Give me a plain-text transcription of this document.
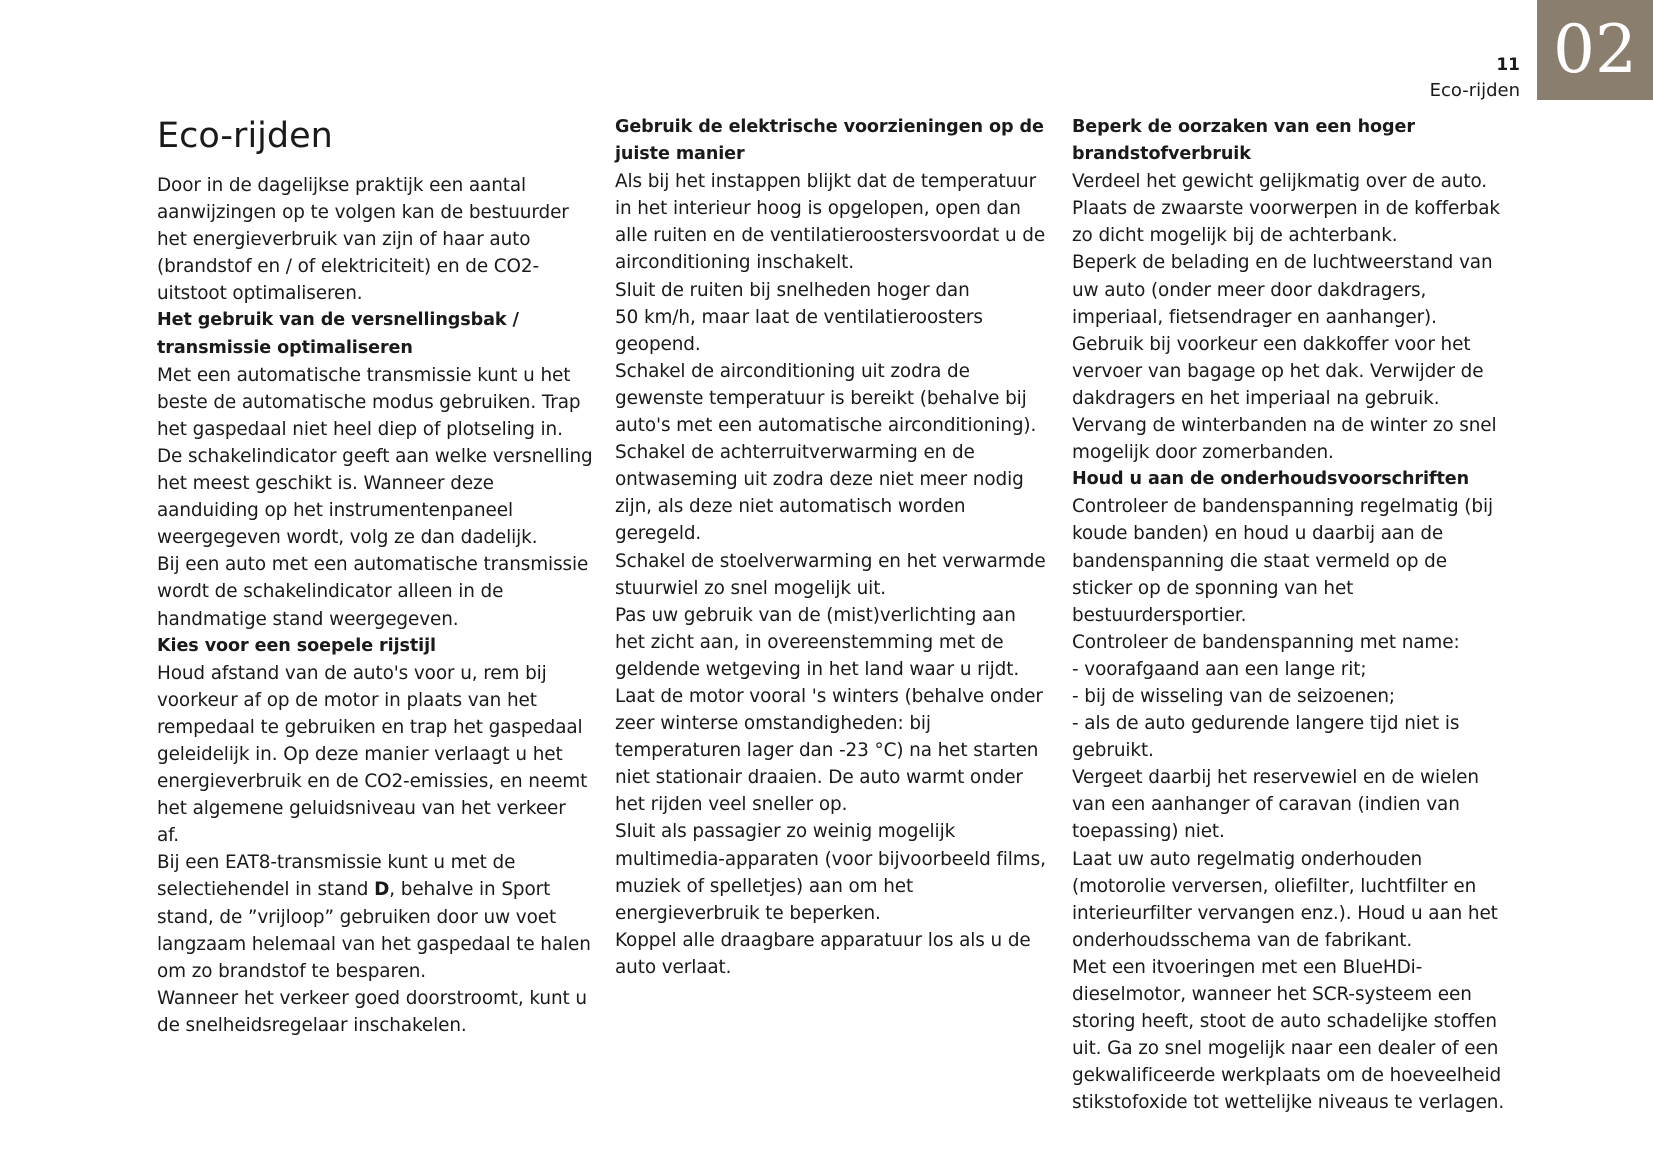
02
11
Eco-rijden
Eco-rijden

Door in de dagelijkse praktijk een aantal aanwijzingen op te volgen kan de bestuurder het energieverbruik van zijn of haar auto (brandstof en / of elektriciteit) en de CO2-uitstoot optimaliseren.

Het gebruik van de versnellingsbak / transmissie optimaliseren

Met een automatische transmissie kunt u het beste de automatische modus gebruiken. Trap het gaspedaal niet heel diep of plotseling in.

De schakelindicator geeft aan welke versnelling het meest geschikt is. Wanneer deze aanduiding op het instrumentenpaneel weergegeven wordt, volg ze dan dadelijk.

Bij een auto met een automatische transmissie wordt de schakelindicator alleen in de handmatige stand weergegeven.

Kies voor een soepele rijstijl

Houd afstand van de auto's voor u, rem bij voorkeur af op de motor in plaats van het rempedaal te gebruiken en trap het gaspedaal geleidelijk in. Op deze manier verlaagt u het energieverbruik en de CO2-emissies, en neemt het algemene geluidsniveau van het verkeer af.

Bij een EAT8-transmissie kunt u met de selectiehendel in stand D, behalve in Sport stand, de ”vrijloop” gebruiken door uw voet langzaam helemaal van het gaspedaal te halen om zo brandstof te besparen.

Wanneer het verkeer goed doorstroomt, kunt u de snelheidsregelaar inschakelen.

Gebruik de elektrische voorzieningen op de juiste manier

Als bij het instappen blijkt dat de temperatuur in het interieur hoog is opgelopen, open dan alle ruiten en de ventilatieroostersvoordat u de airconditioning inschakelt.

Sluit de ruiten bij snelheden hoger dan

50 km/h, maar laat de ventilatieroosters geopend.

Schakel de airconditioning uit zodra de gewenste temperatuur is bereikt (behalve bij auto's met een automatische airconditioning).

Schakel de achterruitverwarming en de ontwaseming uit zodra deze niet meer nodig zijn, als deze niet automatisch worden geregeld.

Schakel de stoelverwarming en het verwarmde stuurwiel zo snel mogelijk uit.

Pas uw gebruik van de (mist)verlichting aan het zicht aan, in overeenstemming met de geldende wetgeving in het land waar u rijdt.

Laat de motor vooral 's winters (behalve onder zeer winterse omstandigheden: bij temperaturen lager dan -23 °C) na het starten niet stationair draaien. De auto warmt onder het rijden veel sneller op.

Sluit als passagier zo weinig mogelijk multimedia-apparaten (voor bijvoorbeeld films, muziek of spelletjes) aan om het energieverbruik te beperken.

Koppel alle draagbare apparatuur los als u de auto verlaat.

Beperk de oorzaken van een hoger brandstofverbruik

Verdeel het gewicht gelijkmatig over de auto.

Plaats de zwaarste voorwerpen in de kofferbak zo dicht mogelijk bij de achterbank.

Beperk de belading en de luchtweerstand van uw auto (onder meer door dakdragers, imperiaal, fietsendrager en aanhanger).

Gebruik bij voorkeur een dakkoffer voor het vervoer van bagage op het dak. Verwijder de dakdragers en het imperiaal na gebruik.

Vervang de winterbanden na de winter zo snel mogelijk door zomerbanden.

Houd u aan de onderhoudsvoorschriften

Controleer de bandenspanning regelmatig (bij koude banden) en houd u daarbij aan de bandenspanning die staat vermeld op de sticker op de sponning van het bestuurdersportier.

Controleer de bandenspanning met name:

- voorafgaand aan een lange rit;

- bij de wisseling van de seizoenen;

- als de auto gedurende langere tijd niet is gebruikt.

Vergeet daarbij het reservewiel en de wielen van een aanhanger of caravan (indien van toepassing) niet.

Laat uw auto regelmatig onderhouden (motorolie verversen, oliefilter, luchtfilter en interieurfilter vervangen enz.). Houd u aan het onderhoudsschema van de fabrikant.

Met een itvoeringen met een BlueHDi-dieselmotor, wanneer het SCR-systeem een storing heeft, stoot de auto schadelijke stoffen uit. Ga zo snel mogelijk naar een dealer of een gekwalificeerde werkplaats om de hoeveelheid stikstofoxide tot wettelijke niveaus te verlagen.
